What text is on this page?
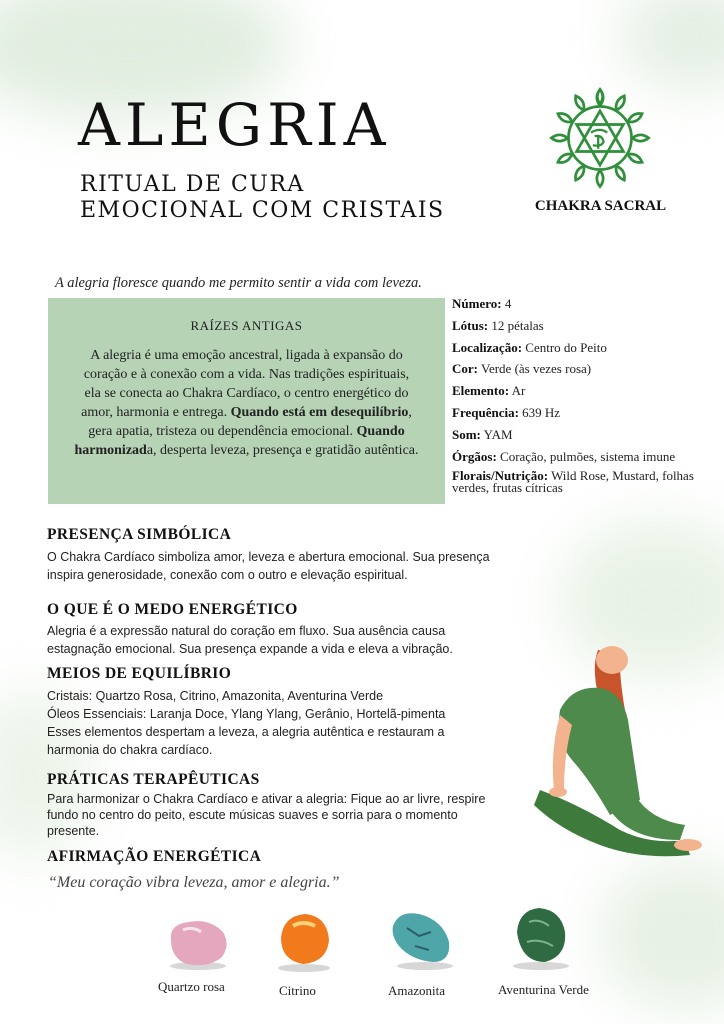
ALEGRIA
RITUAL DE CURA
EMOCIONAL COM CRISTAIS	CHAKRA SACRAL
A alegria floresce quando me permito sentir a vida com leveza.
RAÍZES ANTIGAS
A alegria é uma emoção ancestral, ligada à expansão do coração e à conexão com a vida. Nas tradições espirituais, ela se conecta ao Chakra Cardíaco, o centro energético do amor, harmonia e entrega. Quando está em desequilíbrio, gera apatia, tristeza ou dependência emocional. Quando harmonizada, desperta leveza, presença e gratidão autêntica.
Número: 4
Lótus: 12 pétalas
Localização: Centro do Peito
Cor: Verde (às vezes rosa)
Elemento: Ar
Frequência: 639 Hz
Som: YAM
Órgãos: Coração, pulmões, sistema imune
Florais/Nutrição: Wild Rose, Mustard, folhas verdes, frutas cítricas
PRESENÇA SIMBÓLICA
O Chakra Cardíaco simboliza amor, leveza e abertura emocional. Sua presença inspira generosidade, conexão com o outro e elevação espiritual.
O QUE É O MEDO ENERGÉTICO
Alegria é a expressão natural do coração em fluxo. Sua ausência causa estagnação emocional. Sua presença expande a vida e eleva a vibração.
MEIOS DE EQUILÍBRIO
Cristais: Quartzo Rosa, Citrino, Amazonita, Aventurina Verde
Óleos Essenciais: Laranja Doce, Ylang Ylang, Gerânio, Hortelã-pimenta
Esses elementos despertam a leveza, a alegria autêntica e restauram a harmonia do chakra cardíaco.
PRÁTICAS TERAPÊUTICAS
Para harmonizar o Chakra Cardíaco e ativar a alegria: Fique ao ar livre, respire fundo no centro do peito, escute músicas suaves e sorria para o momento presente.
AFIRMAÇÃO ENERGÉTICA
“Meu coração vibra leveza, amor e alegria.”
Quartzo rosa	Citrino	Amazonita	Aventurina Verde
